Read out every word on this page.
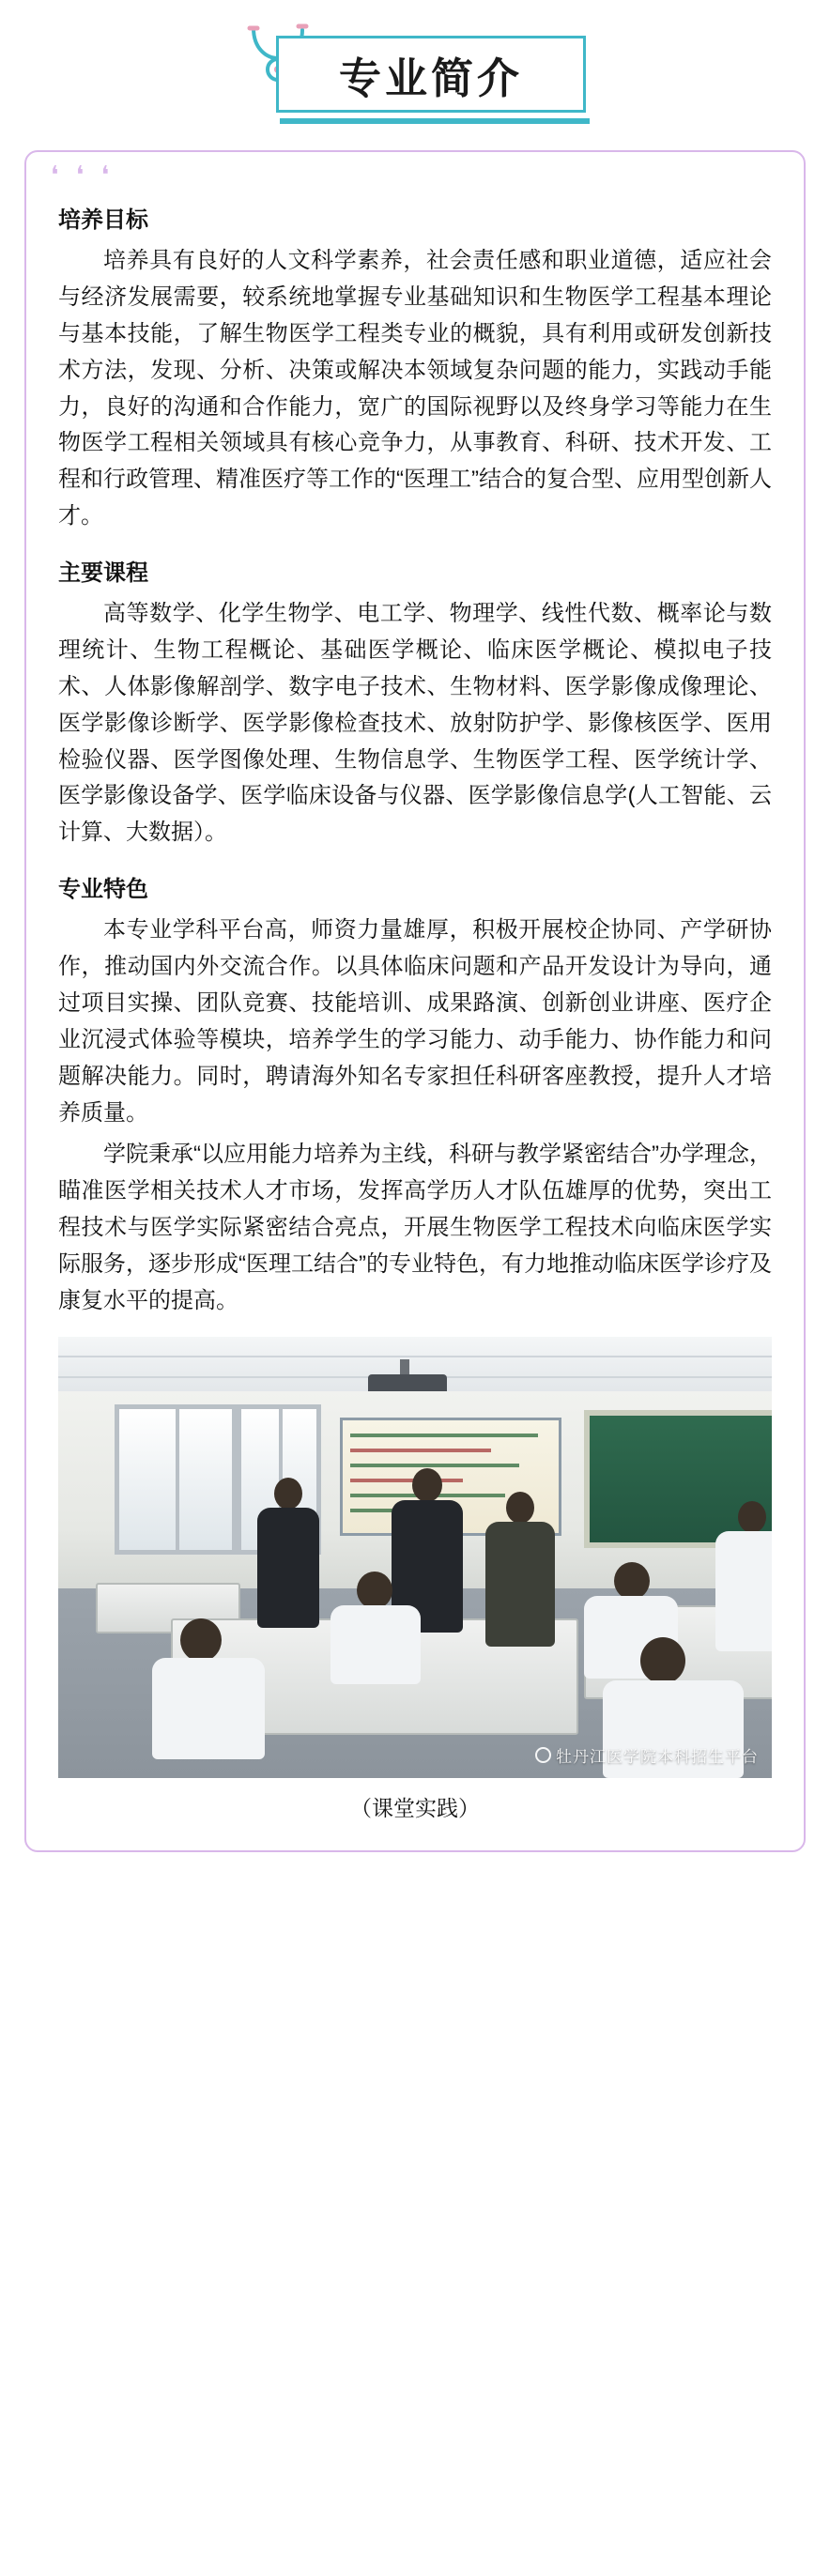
专业简介
❛ ❛ ❛
培养目标

培养具有良好的人文科学素养，社会责任感和职业道德，适应社会与经济发展需要，较系统地掌握专业基础知识和生物医学工程基本理论与基本技能，了解生物医学工程类专业的概貌，具有利用或研发创新技术方法，发现、分析、决策或解决本领域复杂问题的能力，实践动手能力，良好的沟通和合作能力，宽广的国际视野以及终身学习等能力在生物医学工程相关领域具有核心竞争力，从事教育、科研、技术开发、工程和行政管理、精准医疗等工作的“医理工”结合的复合型、应用型创新人才。

主要课程

高等数学、化学生物学、电工学、物理学、线性代数、概率论与数理统计、生物工程概论、基础医学概论、临床医学概论、模拟电子技术、人体影像解剖学、数字电子技术、生物材料、医学影像成像理论、医学影像诊断学、医学影像检查技术、放射防护学、影像核医学、医用检验仪器、医学图像处理、生物信息学、生物医学工程、医学统计学、医学影像设备学、医学临床设备与仪器、医学影像信息学(人工智能、云计算、大数据）。

专业特色

本专业学科平台高，师资力量雄厚，积极开展校企协同、产学研协作，推动国内外交流合作。以具体临床问题和产品开发设计为导向，通过项目实操、团队竞赛、技能培训、成果路演、创新创业讲座、医疗企业沉浸式体验等模块，培养学生的学习能力、动手能力、协作能力和问题解决能力。同时，聘请海外知名专家担任科研客座教授，提升人才培养质量。

学院秉承“以应用能力培养为主线，科研与教学紧密结合”办学理念，瞄准医学相关技术人才市场，发挥高学历人才队伍雄厚的优势，突出工程技术与医学实际紧密结合亮点，开展生物医学工程技术向临床医学实际服务，逐步形成“医理工结合”的专业特色，有力地推动临床医学诊疗及康复水平的提高。

牡丹江医学院本科招生平台
（课堂实践）
